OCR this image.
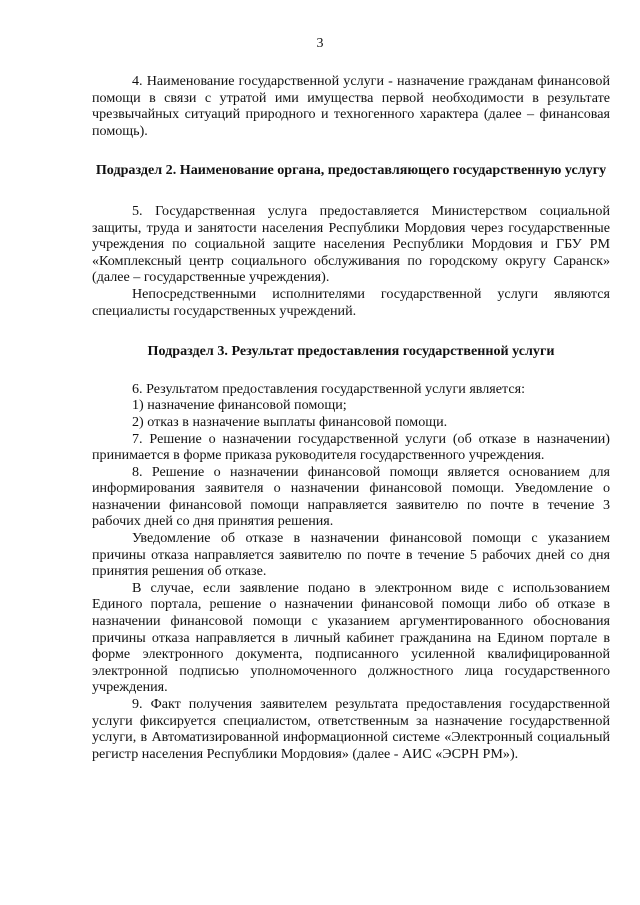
3

4. Наименование государственной услуги - назначение гражданам финансовой помощи в связи с утратой ими имущества первой необходимости в результате чрезвычайных ситуаций природного и техногенного характера (далее – финансовая помощь).

Подраздел 2. Наименование органа, предоставляющего государственную услугу

5. Государственная услуга предоставляется Министерством социальной защиты, труда и занятости населения Республики Мордовия через государственные учреждения по социальной защите населения Республики Мордовия и ГБУ РМ «Комплексный центр социального обслуживания по городскому округу Саранск» (далее – государственные учреждения).

Непосредственными исполнителями государственной услуги являются специалисты государственных учреждений.

Подраздел 3. Результат предоставления государственной услуги

6. Результатом предоставления государственной услуги является:

1) назначение финансовой помощи;

2) отказ в назначение выплаты финансовой помощи.

7. Решение о назначении государственной услуги (об отказе в назначении) принимается в форме приказа руководителя государственного учреждения.

8. Решение о назначении финансовой помощи является основанием для информирования заявителя о назначении финансовой помощи. Уведомление о назначении финансовой помощи направляется заявителю по почте в течение 3 рабочих дней со дня принятия решения.

Уведомление об отказе в назначении финансовой помощи с указанием причины отказа направляется заявителю по почте в течение 5 рабочих дней со дня принятия решения об отказе.

В случае, если заявление подано в электронном виде с использованием Единого портала, решение о назначении финансовой помощи либо об отказе в назначении финансовой помощи с указанием аргументированного обоснования причины отказа направляется в личный кабинет гражданина на Едином портале в форме электронного документа, подписанного усиленной квалифицированной электронной подписью уполномоченного должностного лица государственного учреждения.

9. Факт получения заявителем результата предоставления государственной услуги фиксируется специалистом, ответственным за назначение государственной услуги, в Автоматизированной информационной системе «Электронный социальный регистр населения Республики Мордовия» (далее - АИС «ЭСРН РМ»).
